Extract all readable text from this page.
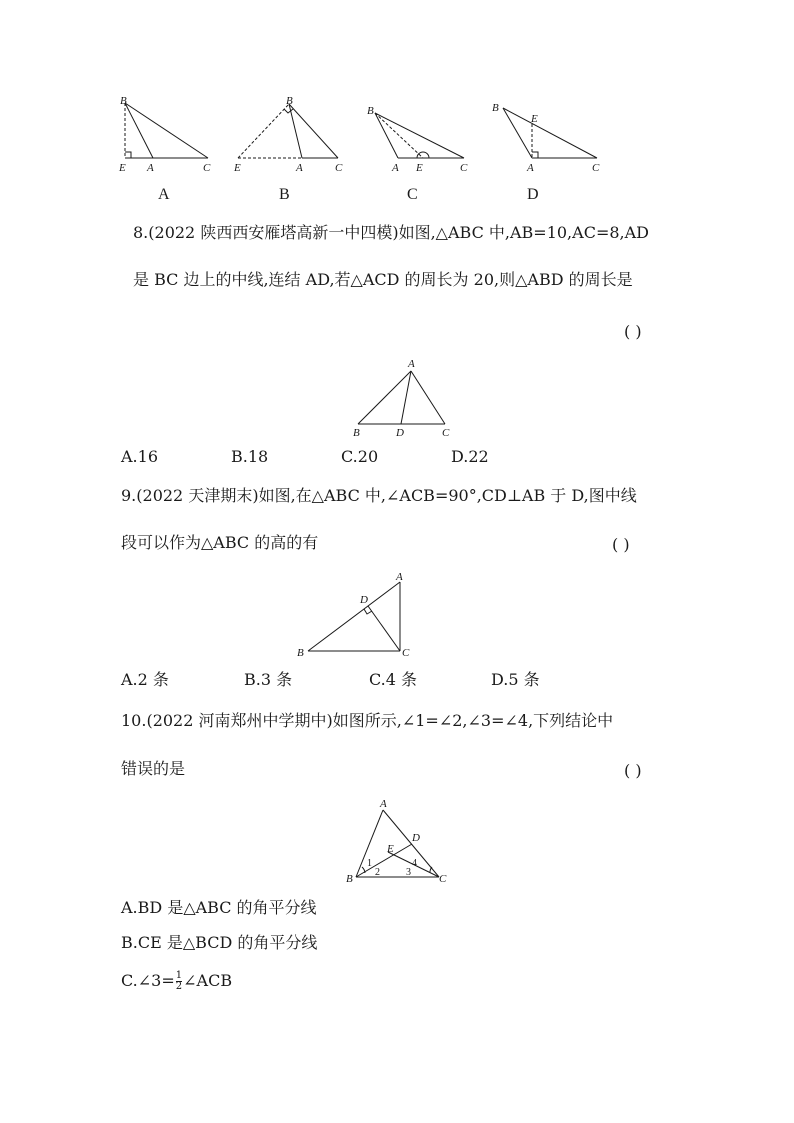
B
E A	C
B
E	A	C
B
A E	C
B
E
A	C
A	B	C	D
8.(2022 陕西西安雁塔高新一中四模)如图,△ABC 中,AB=10,AC=8,AD
是 BC 边上的中线,连结 AD,若△ACD 的周长为 20,则△ABD 的周长是
( )
A
B	D	C
A.16	B.18	C.20	D.22
9.(2022 天津期末)如图,在△ABC 中,∠ACB=90°,CD⊥AB 于 D,图中线
段可以作为△ABC 的高的有	( )
A
D
B	C
A.2 条	B.3 条	C.4 条	D.5 条
10.(2022 河南郑州中学期中)如图所示,∠1=∠2,∠3=∠4,下列结论中
错误的是	( )
A
D
E
B	C
1
2	3
4
A.BD 是△ABC 的角平分线
B.CE 是△BCD 的角平分线
C.∠3= $\frac{1}{2}$ ∠ACB
